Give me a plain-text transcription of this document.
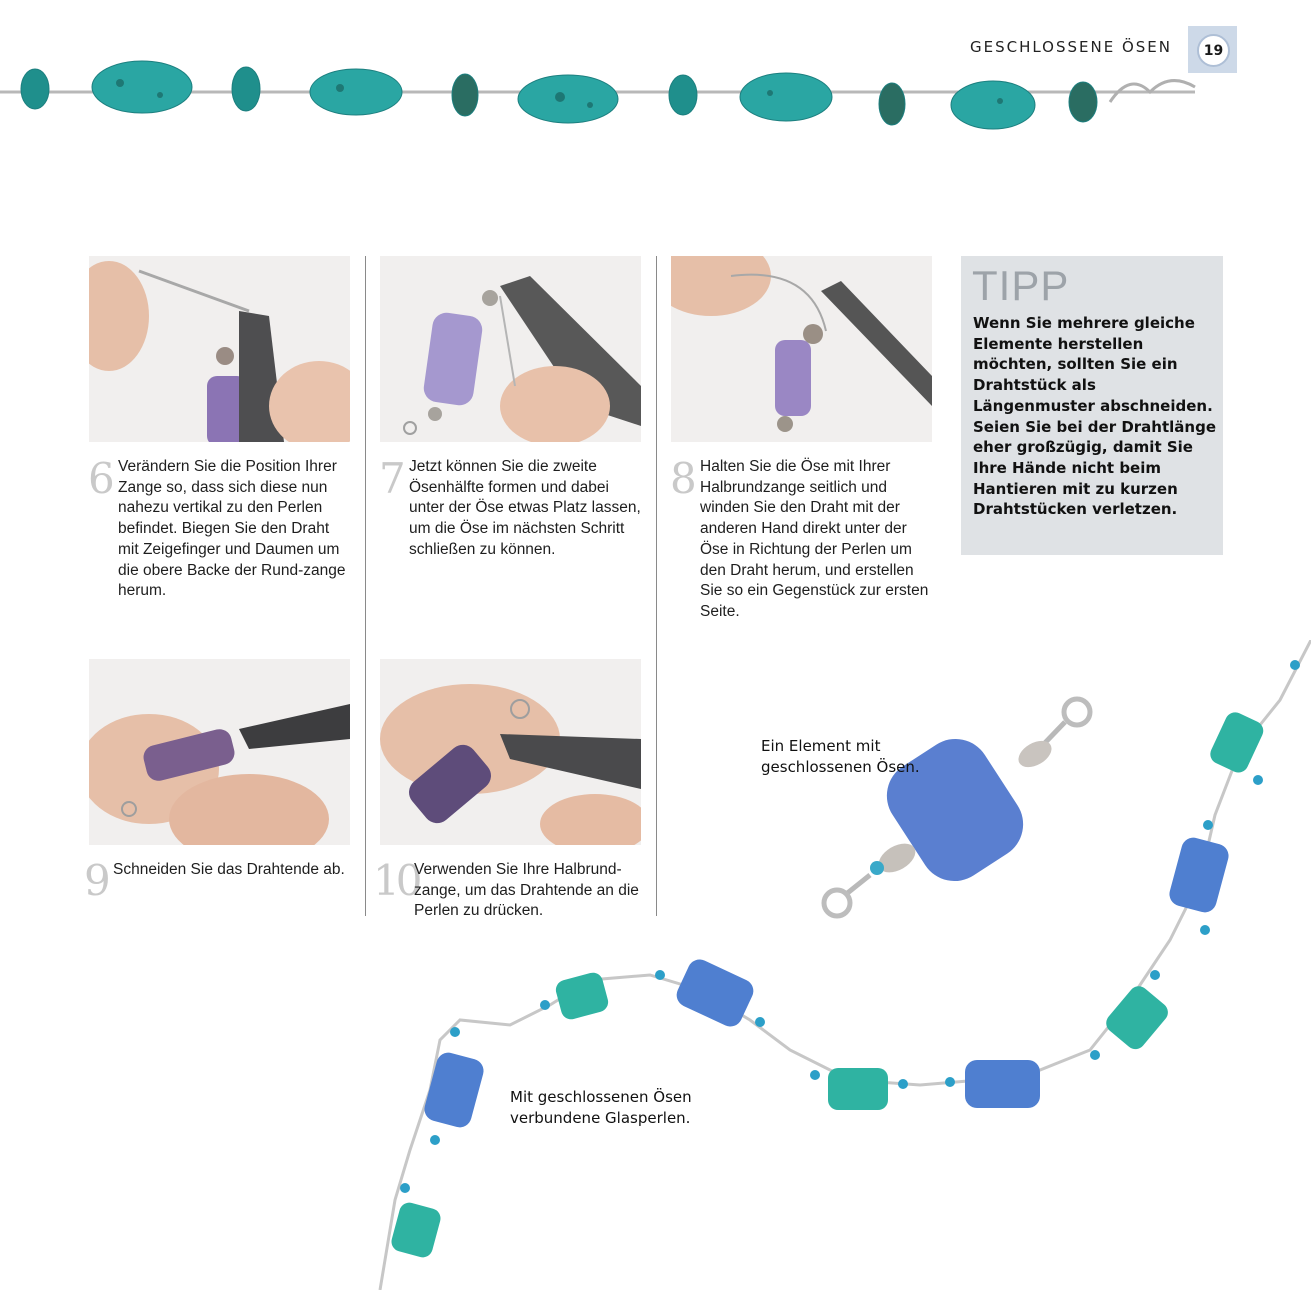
GESCHLOSSENE ÖSEN	19
6 Verändern Sie die Position Ihrer Zange so, dass sich diese nun nahezu vertikal zu den Perlen befindet. Biegen Sie den Draht mit Zeigefinger und Daumen um die obere Backe der Rund-zange herum.
7 Jetzt können Sie die zweite Ösenhälfte formen und dabei unter der Öse etwas Platz lassen, um die Öse im nächsten Schritt schließen zu können.
8 Halten Sie die Öse mit Ihrer Halbrundzange seitlich und winden Sie den Draht mit der anderen Hand direkt unter der Öse in Richtung der Perlen um den Draht herum, und erstellen Sie so ein Gegenstück zur ersten Seite.
TIPP
Wenn Sie mehrere gleiche Elemente herstellen möchten, sollten Sie ein Drahtstück als Längenmuster abschneiden. Seien Sie bei der Drahtlänge eher großzügig, damit Sie Ihre Hände nicht beim Hantieren mit zu kurzen Drahtstücken verletzen.
9 Schneiden Sie das Drahtende ab. 10
Verwenden Sie Ihre Halbrund-zange, um das Drahtende an die Perlen zu drücken.
Ein Element mit geschlossenen Ösen.
Mit geschlossenen Ösen verbundene Glasperlen.
